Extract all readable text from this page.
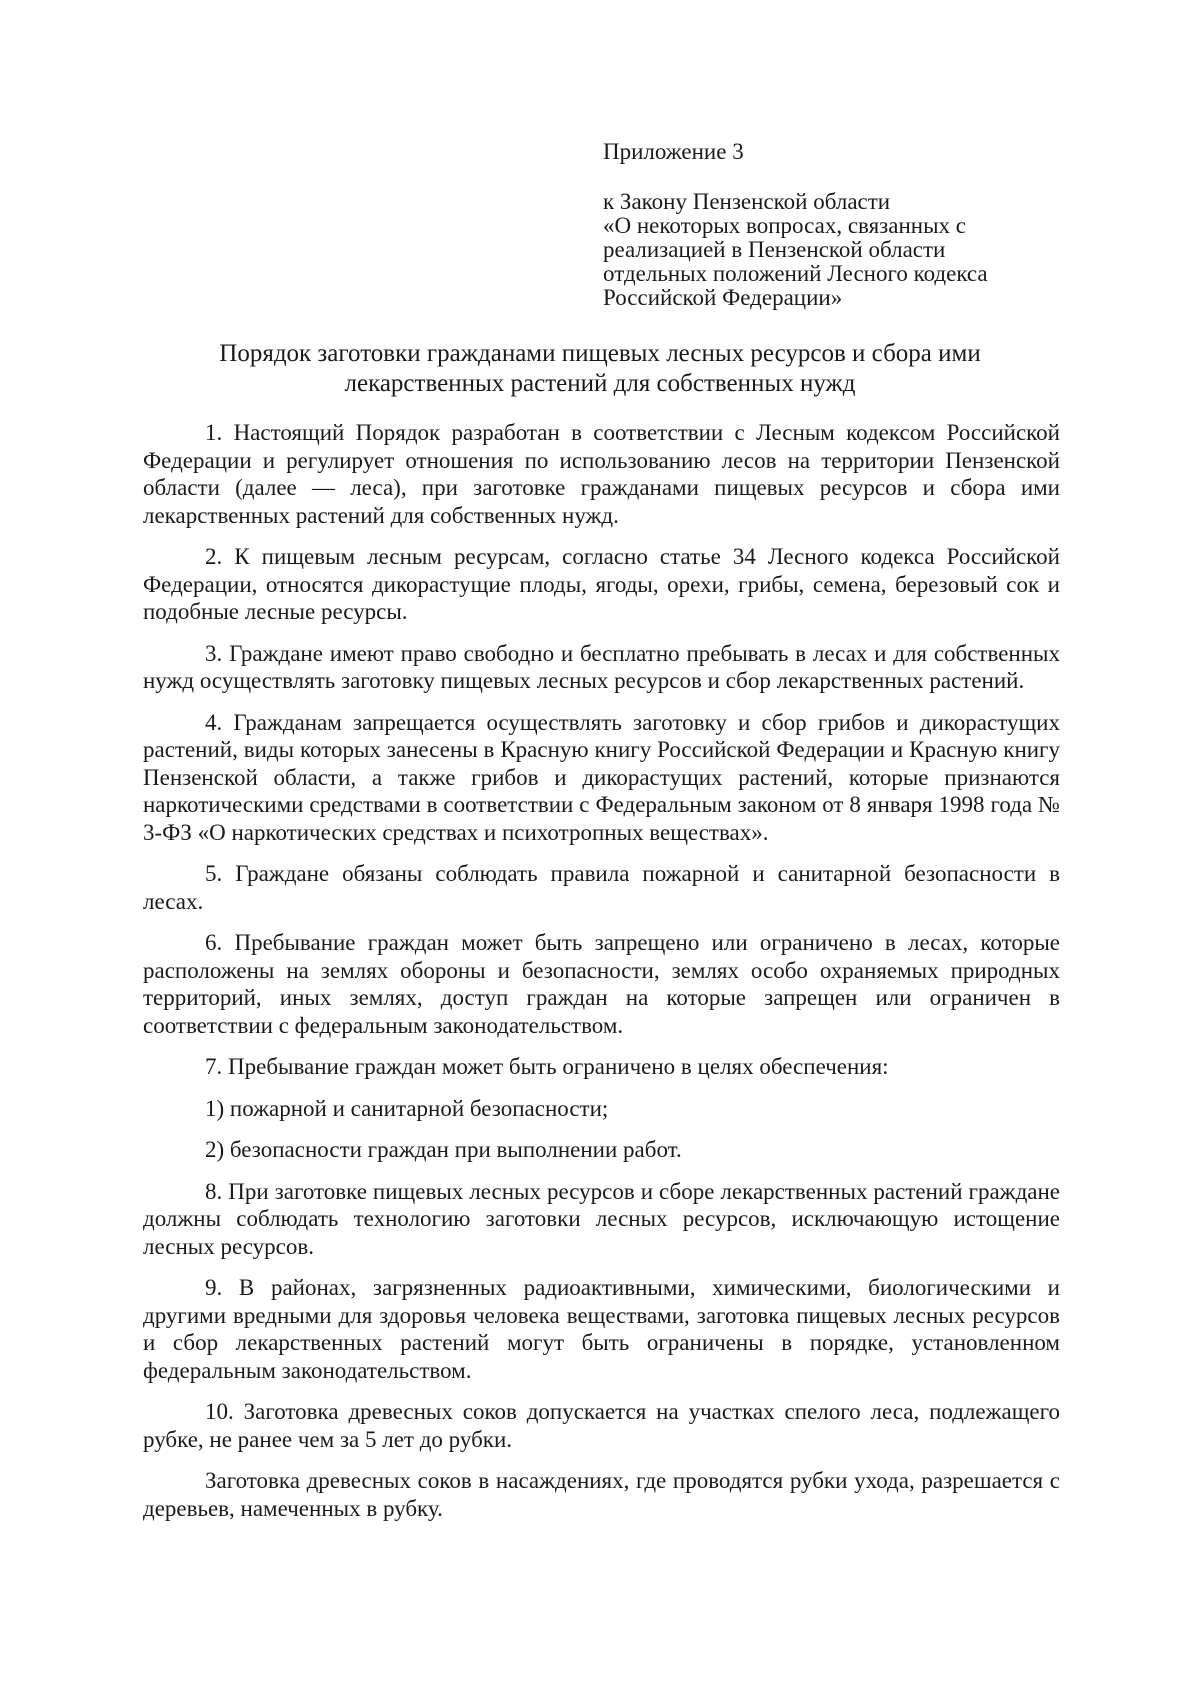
Приложение 3

к Закону Пензенской области
«О некоторых вопросах, связанных с
реализацией в Пензенской области
отдельных положений Лесного кодекса
Российской Федерации»
Порядок заготовки гражданами пищевых лесных ресурсов и сбора ими
лекарственных растений для собственных нужд

1. Настоящий Порядок разработан в соответствии с Лесным кодексом Российской Федерации и регулирует отношения по использованию лесов на территории Пензенской области (далее — леса), при заготовке гражданами пищевых ресурсов и сбора ими лекарственных растений для собственных нужд.

2. К пищевым лесным ресурсам, согласно статье 34 Лесного кодекса Российской Федерации, относятся дикорастущие плоды, ягоды, орехи, грибы, семена, березовый сок и подобные лесные ресурсы.

3. Граждане имеют право свободно и бесплатно пребывать в лесах и для собственных нужд осуществлять заготовку пищевых лесных ресурсов и сбор лекарственных растений.

4. Гражданам запрещается осуществлять заготовку и сбор грибов и дикорастущих растений, виды которых занесены в Красную книгу Российской Федерации и Красную книгу Пензенской области, а также грибов и дикорастущих растений, которые признаются наркотическими средствами в соответствии с Федеральным законом от 8 января 1998 года № 3-ФЗ «О наркотических средствах и психотропных веществах».

5. Граждане обязаны соблюдать правила пожарной и санитарной безопасности в лесах.

6. Пребывание граждан может быть запрещено или ограничено в лесах, которые расположены на землях обороны и безопасности, землях особо охраняемых природных территорий, иных землях, доступ граждан на которые запрещен или ограничен в соответствии с федеральным законодательством.

7. Пребывание граждан может быть ограничено в целях обеспечения:

1) пожарной и санитарной безопасности;

2) безопасности граждан при выполнении работ.

8. При заготовке пищевых лесных ресурсов и сборе лекарственных растений граждане должны соблюдать технологию заготовки лесных ресурсов, исключающую истощение лесных ресурсов.

9. В районах, загрязненных радиоактивными, химическими, биологическими и другими вредными для здоровья человека веществами, заготовка пищевых лесных ресурсов и сбор лекарственных растений могут быть ограничены в порядке, установленном федеральным законодательством.

10. Заготовка древесных соков допускается на участках спелого леса, подлежащего рубке, не ранее чем за 5 лет до рубки.

Заготовка древесных соков в насаждениях, где проводятся рубки ухода, разрешается с деревьев, намеченных в рубку.
